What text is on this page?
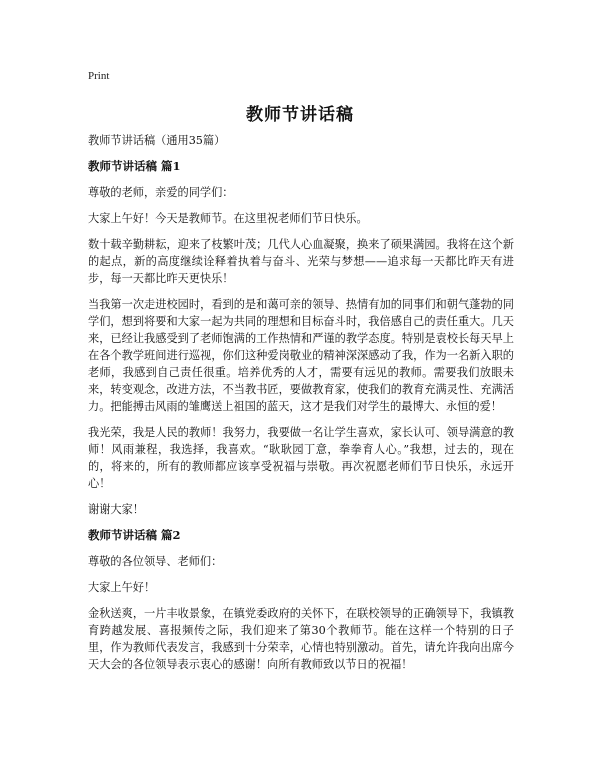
Print
教师节讲话稿

教师节讲话稿（通用35篇）

教师节讲话稿 篇1

尊敬的老师，亲爱的同学们：

大家上午好！今天是教师节。在这里祝老师们节日快乐。

数十载辛勤耕耘，迎来了枝繁叶茂；几代人心血凝聚，换来了硕果满园。我将在这个新的起点，新的高度继续诠释着执着与奋斗、光荣与梦想——追求每一天都比昨天有进步，每一天都比昨天更快乐！

当我第一次走进校园时，看到的是和蔼可亲的领导、热情有加的同事们和朝气蓬勃的同学们，想到将要和大家一起为共同的理想和目标奋斗时，我倍感自己的责任重大。几天来，已经让我感受到了老师饱满的工作热情和严谨的教学态度。特别是袁校长每天早上在各个教学班间进行巡视，你们这种爱岗敬业的精神深深感动了我，作为一名新入职的老师，我感到自己责任很重。培养优秀的人才，需要有远见的教师。需要我们放眼未来，转变观念，改进方法，不当教书匠，要做教育家，使我们的教育充满灵性、充满活力。把能搏击风雨的雏鹰送上祖国的蓝天，这才是我们对学生的最博大、永恒的爱！

我光荣，我是人民的教师！我努力，我要做一名让学生喜欢，家长认可、领导满意的教师！风雨兼程，我选择，我喜欢。“耿耿园丁意，拳拳育人心。”我想，过去的，现在的，将来的，所有的教师都应该享受祝福与崇敬。再次祝愿老师们节日快乐，永远开心！

谢谢大家！

教师节讲话稿 篇2

尊敬的各位领导、老师们：

大家上午好！

金秋送爽，一片丰收景象，在镇党委政府的关怀下，在联校领导的正确领导下，我镇教育跨越发展、喜报频传之际，我们迎来了第30个教师节。能在这样一个特别的日子里，作为教师代表发言，我感到十分荣幸，心情也特别激动。首先，请允许我向出席今天大会的各位领导表示衷心的感谢！向所有教师致以节日的祝福！
